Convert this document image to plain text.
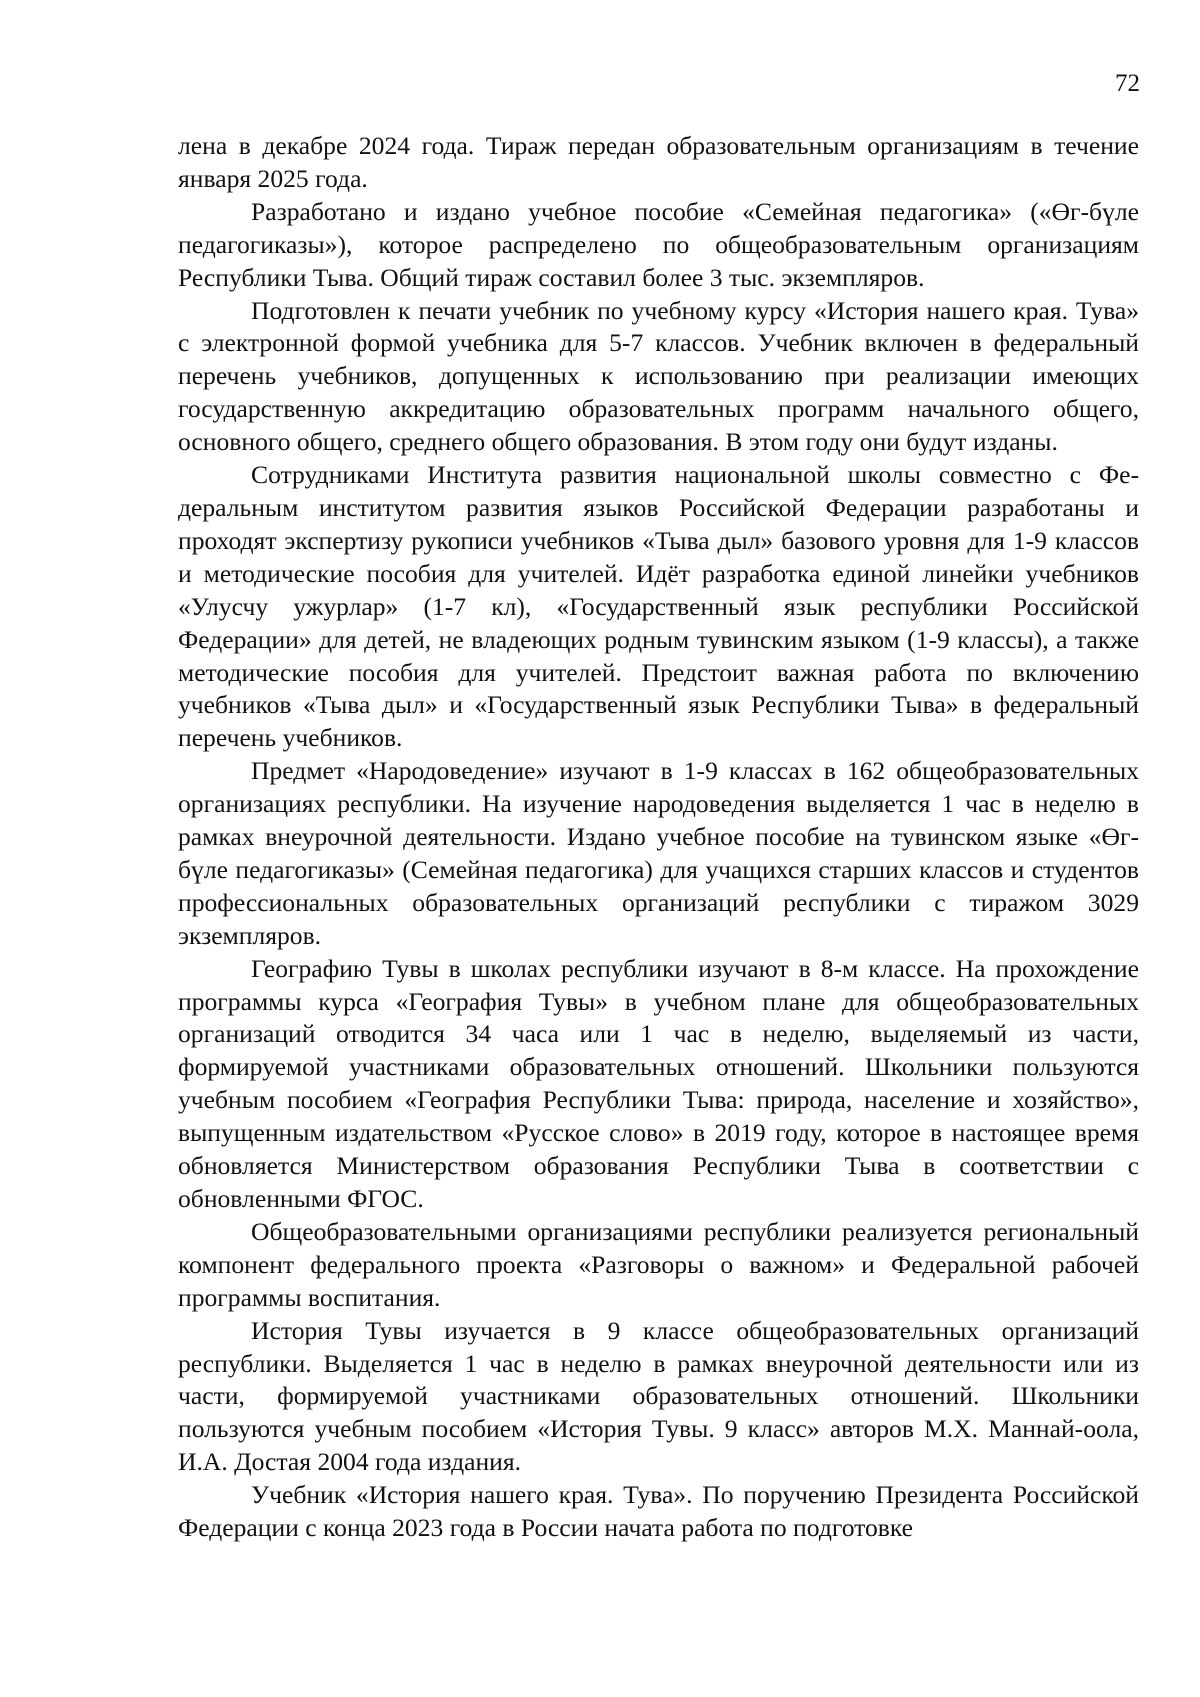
72

лена в декабре 2024 года. Тираж передан образовательным организациям в течение января 2025 года.

Разработано и издано учебное пособие «Семейная педагогика» («Өг-бүле педагогиказы»), которое распределено по общеобразовательным организациям Республики Тыва. Общий тираж составил более 3 тыс. экземпляров.

Подготовлен к печати учебник по учебному курсу «История нашего края. Тува» с электронной формой учебника для 5-7 классов. Учебник включен в федеральный перечень учебников, допущенных к использованию при реализации имеющих государственную аккредитацию образовательных программ начального общего, основного общего, среднего общего образования. В этом году они будут изданы.

Сотрудниками Института развития национальной школы совместно с Федеральным институтом развития языков Российской Федерации разработаны и проходят экспертизу рукописи учебников «Тыва дыл» базового уровня для 1-9 классов и методические пособия для учителей. Идёт разработка единой линейки учебников «Улусчу ужурлар» (1-7 кл), «Государственный язык республики Российской Федерации» для детей, не владеющих родным тувинским языком (1-9 классы), а также методические пособия для учителей. Предстоит важная работа по включению учебников «Тыва дыл» и «Государственный язык Республики Тыва» в федеральный перечень учебников.

Предмет «Народоведение» изучают в 1-9 классах в 162 общеобразовательных организациях республики. На изучение народоведения выделяется 1 час в неделю в рамках внеурочной деятельности. Издано учебное пособие на тувинском языке «Өг-бүле педагогиказы» (Семейная педагогика) для учащихся старших классов и студентов профессиональных образовательных организаций республики с тиражом 3029 экземпляров.

Географию Тувы в школах республики изучают в 8-м классе. На прохождение программы курса «География Тувы» в учебном плане для общеобразовательных организаций отводится 34 часа или 1 час в неделю, выделяемый из части, формируемой участниками образовательных отношений. Школьники пользуются учебным пособием «География Республики Тыва: природа, население и хозяйство», выпущенным издательством «Русское слово» в 2019 году, которое в настоящее время обновляется Министерством образования Республики Тыва в соответствии с обновленными ФГОС.

Общеобразовательными организациями республики реализуется региональный компонент федерального проекта «Разговоры о важном» и Федеральной рабочей программы воспитания.

История Тувы изучается в 9 классе общеобразовательных организаций республики. Выделяется 1 час в неделю в рамках внеурочной деятельности или из части, формируемой участниками образовательных отношений. Школьники пользуются учебным пособием «История Тувы. 9 класс» авторов М.Х. Маннай-оола, И.А. Достая 2004 года издания.

Учебник «История нашего края. Тува». По поручению Президента Российской Федерации с конца 2023 года в России начата работа по подготовке
